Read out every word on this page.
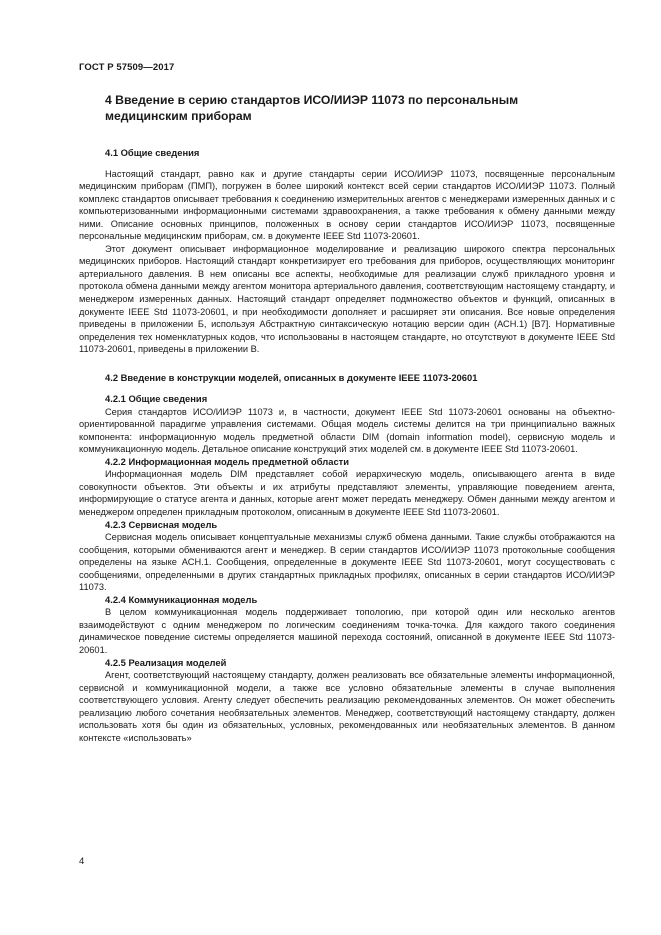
ГОСТ Р 57509—2017
4 Введение в серию стандартов ИСО/ИИЭР 11073 по персональным медицинским приборам
4.1 Общие сведения

Настоящий стандарт, равно как и другие стандарты серии ИСО/ИИЭР 11073, посвященные персональным медицинским приборам (ПМП), погружен в более широкий контекст всей серии стандартов ИСО/ИИЭР 11073. Полный комплекс стандартов описывает требования к соединению измерительных агентов с менеджерами измеренных данных и с компьютеризованными информационными системами здравоохранения, а также требования к обмену данными между ними. Описание основных принципов, положенных в основу серии стандартов ИСО/ИИЭР 11073, посвященные персональные медицинским приборам, см. в документе IEEE Std 11073-20601.

Этот документ описывает информационное моделирование и реализацию широкого спектра персональных медицинских приборов. Настоящий стандарт конкретизирует его требования для приборов, осуществляющих мониторинг артериального давления. В нем описаны все аспекты, необходимые для реализации служб прикладного уровня и протокола обмена данными между агентом монитора артериального давления, соответствующим настоящему стандарту, и менеджером измеренных данных. Настоящий стандарт определяет подмножество объектов и функций, описанных в документе IEEE Std 11073-20601, и при необходимости дополняет и расширяет эти описания. Все новые определения приведены в приложении Б, используя Абстрактную синтаксическую нотацию версии один (АСН.1) [B7]. Нормативные определения тех номенклатурных кодов, что использованы в настоящем стандарте, но отсутствуют в документе IEEE Std 11073-20601, приведены в приложении В.

4.2 Введение в конструкции моделей, описанных в документе IEEE 11073-20601
4.2.1 Общие сведения

Серия стандартов ИСО/ИИЭР 11073 и, в частности, документ IEEE Std 11073-20601 основаны на объектно-ориентированной парадигме управления системами. Общая модель системы делится на три принципиально важных компонента: информационную модель предметной области DIM (domain information model), сервисную модель и коммуникационную модель. Детальное описание конструкций этих моделей см. в документе IEEE Std 11073-20601.

4.2.2 Информационная модель предметной области

Информационная модель DIM представляет собой иерархическую модель, описывающего агента в виде совокупности объектов. Эти объекты и их атрибуты представляют элементы, управляющие поведением агента, информирующие о статусе агента и данных, которые агент может передать менеджеру. Обмен данными между агентом и менеджером определен прикладным протоколом, описанным в документе IEEE Std 11073-20601.

4.2.3 Сервисная модель

Сервисная модель описывает концептуальные механизмы служб обмена данными. Такие службы отображаются на сообщения, которыми обмениваются агент и менеджер. В серии стандартов ИСО/ИИЭР 11073 протокольные сообщения определены на языке АСН.1. Сообщения, определенные в документе IEEE Std 11073-20601, могут сосуществовать с сообщениями, определенными в других стандартных прикладных профилях, описанных в серии стандартов ИСО/ИИЭР 11073.

4.2.4 Коммуникационная модель

В целом коммуникационная модель поддерживает топологию, при которой один или несколько агентов взаимодействуют с одним менеджером по логическим соединениям точка-точка. Для каждого такого соединения динамическое поведение системы определяется машиной перехода состояний, описанной в документе IEEE Std 11073-20601.

4.2.5 Реализация моделей

Агент, соответствующий настоящему стандарту, должен реализовать все обязательные элементы информационной, сервисной и коммуникационной модели, а также все условно обязательные элементы в случае выполнения соответствующего условия. Агенту следует обеспечить реализацию рекомендованных элементов. Он может обеспечить реализацию любого сочетания необязательных элементов. Менеджер, соответствующий настоящему стандарту, должен использовать хотя бы один из обязательных, условных, рекомендованных или необязательных элементов. В данном контексте «использовать»

4
